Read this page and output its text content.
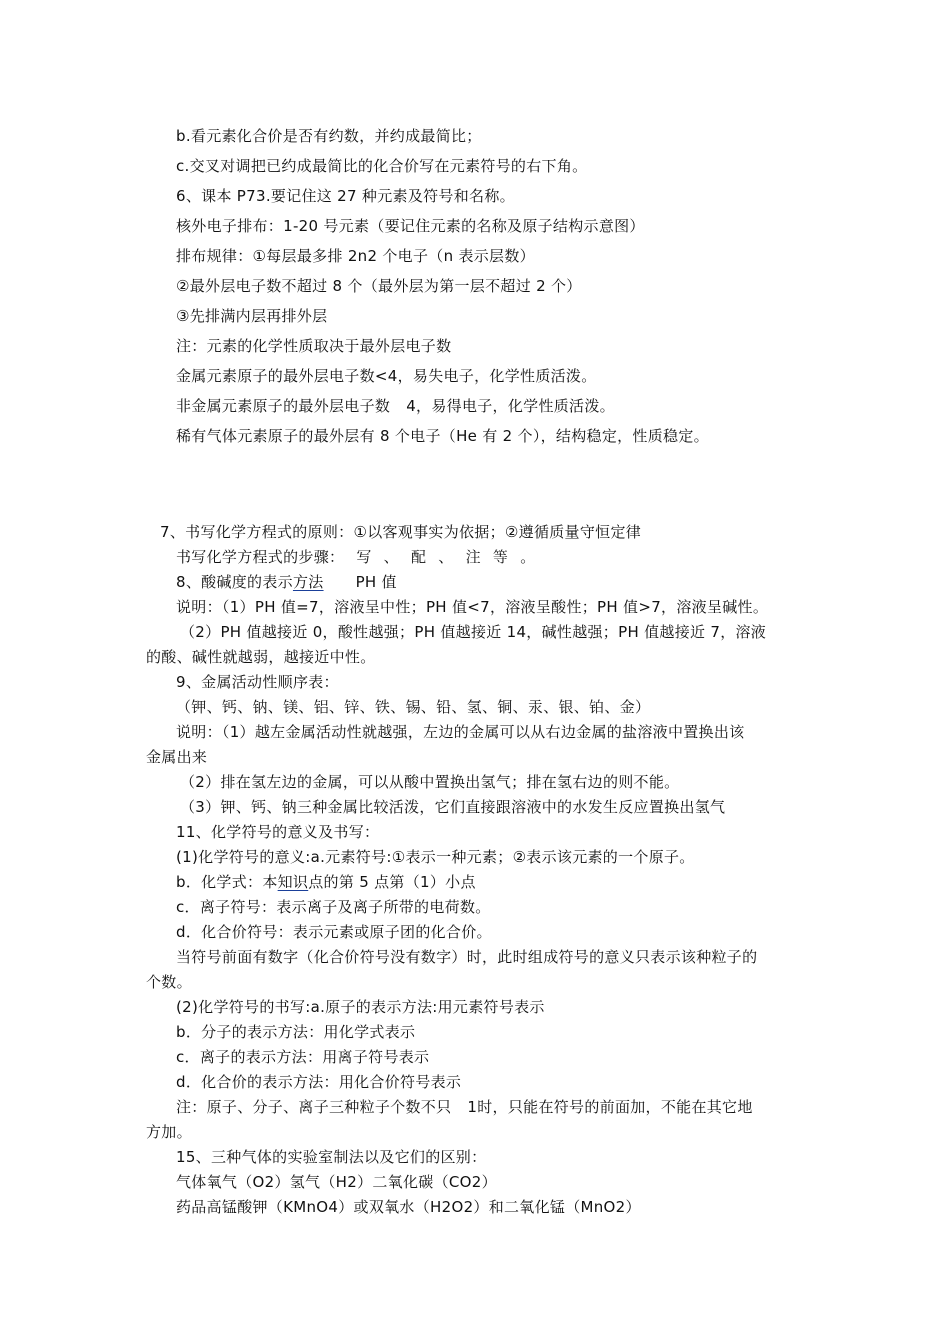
b.看元素化合价是否有约数，并约成最简比；
c.交叉对调把已约成最简比的化合价写在元素符号的右下角。
6、课本 P73.要记住这 27 种元素及符号和名称。
核外电子排布：1-20 号元素（要记住元素的名称及原子结构示意图）
排布规律：①每层最多排 2n2 个电子（n 表示层数）
②最外层电子数不超过 8 个（最外层为第一层不超过 2 个）
③先排满内层再排外层
注：元素的化学性质取决于最外层电子数
金属元素原子的最外层电子数<4，易失电子，化学性质活泼。
非金属元素原子的最外层电子数 4，易得电子，化学性质活泼。
稀有气体元素原子的最外层有 8 个电子（He 有 2 个），结构稳定，性质稳定。
7、书写化学方程式的原则：①以客观事实为依据；②遵循质量守恒定律
书写化学方程式的步骤： 写 、 配 、 注 等 。
8、酸碱度的表示方法 PH 值
说明：（1）PH 值=7，溶液呈中性；PH 值<7，溶液呈酸性；PH 值>7，溶液呈碱性。
（2）PH 值越接近 0，酸性越强；PH 值越接近 14，碱性越强；PH 值越接近 7，溶液
的酸、碱性就越弱，越接近中性。
9、金属活动性顺序表：
（钾、钙、钠、镁、铝、锌、铁、锡、铅、氢、铜、汞、银、铂、金）
说明：（1）越左金属活动性就越强，左边的金属可以从右边金属的盐溶液中置换出该
金属出来
（2）排在氢左边的金属，可以从酸中置换出氢气；排在氢右边的则不能。
（3）钾、钙、钠三种金属比较活泼，它们直接跟溶液中的水发生反应置换出氢气
11、化学符号的意义及书写：
(1)化学符号的意义:a.元素符号:①表示一种元素；②表示该元素的一个原子。
b．化学式：本知识点的第 5 点第（1）小点
c．离子符号：表示离子及离子所带的电荷数。
d．化合价符号：表示元素或原子团的化合价。
当符号前面有数字（化合价符号没有数字）时，此时组成符号的意义只表示该种粒子的
个数。
(2)化学符号的书写:a.原子的表示方法:用元素符号表示
b．分子的表示方法：用化学式表示
c．离子的表示方法：用离子符号表示
d．化合价的表示方法：用化合价符号表示
注：原子、分子、离子三种粒子个数不只 1时，只能在符号的前面加，不能在其它地
方加。
15、三种气体的实验室制法以及它们的区别：
气体氧气（O2）氢气（H2）二氧化碳（CO2）
药品高锰酸钾（KMnO4）或双氧水（H2O2）和二氧化锰（MnO2）
